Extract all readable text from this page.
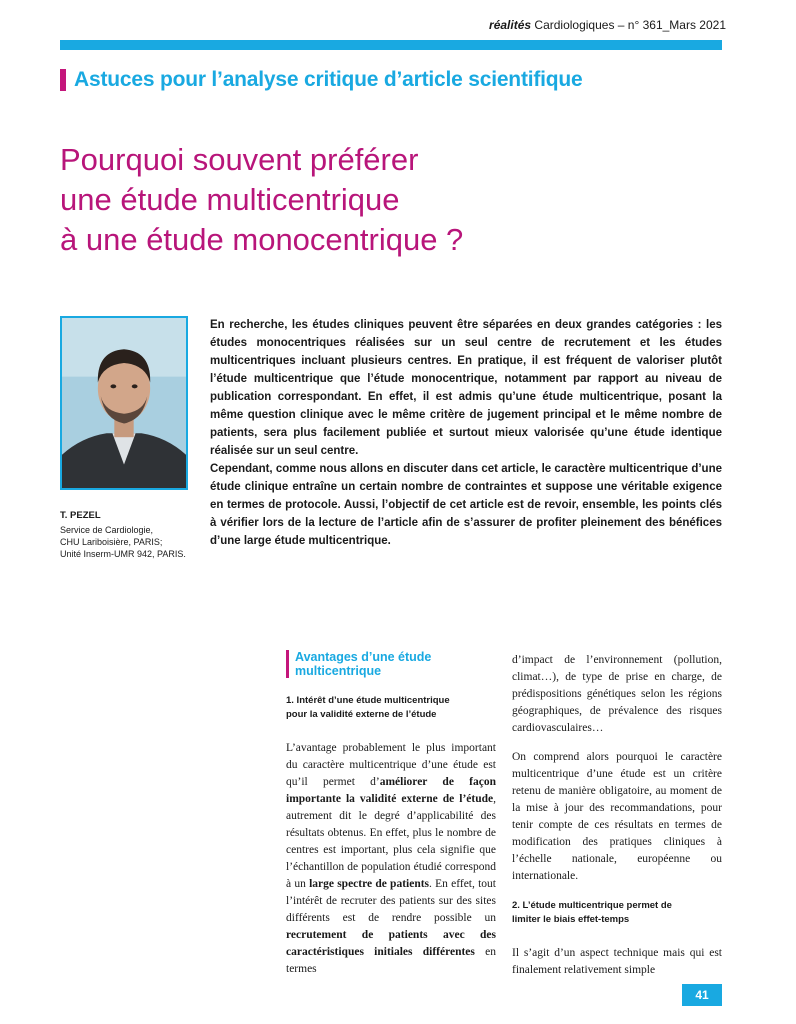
réalités Cardiologiques – n° 361_Mars 2021
Astuces pour l’analyse critique d’article scientifique
Pourquoi souvent préférer
une étude multicentrique
à une étude monocentrique ?
T. PEZEL
Service de Cardiologie,
CHU Lariboisière, PARIS;
Unité Inserm-UMR 942, PARIS.

En recherche, les études cliniques peuvent être séparées en deux grandes catégories : les études monocentriques réalisées sur un seul centre de recrutement et les études multicentriques incluant plusieurs centres. En pratique, il est fréquent de valoriser plutôt l’étude multicentrique que l’étude monocentrique, notamment par rapport au niveau de publication correspondant. En effet, il est admis qu’une étude multicentrique, posant la même question clinique avec le même critère de jugement principal et le même nombre de patients, sera plus facilement publiée et surtout mieux valorisée qu’une étude identique réalisée sur un seul centre.

Cependant, comme nous allons en discuter dans cet article, le caractère multicentrique d’une étude clinique entraîne un certain nombre de contraintes et suppose une véritable exigence en termes de protocole. Aussi, l’objectif de cet article est de revoir, ensemble, les points clés à vérifier lors de la lecture de l’article afin de s’assurer de profiter pleinement des bénéfices d’une large étude multicentrique.

Avantages d’une étude
multicentrique
1. Intérêt d’une étude multicentrique
pour la validité externe de l’étude

L’avantage probablement le plus important du caractère multicentrique d’une étude est qu’il permet d’améliorer de façon importante la validité externe de l’étude, autrement dit le degré d’applicabilité des résultats obtenus. En effet, plus le nombre de centres est important, plus cela signifie que l’échantillon de population étudié correspond à un large spectre de patients. En effet, tout l’intérêt de recruter des patients sur des sites différents est de rendre possible un recrutement de patients avec des caractéristiques initiales différentes en termes

d’impact de l’environnement (pollution, climat…), de type de prise en charge, de prédispositions génétiques selon les régions géographiques, de prévalence des risques cardiovasculaires…

On comprend alors pourquoi le caractère multicentrique d’une étude est un critère retenu de manière obligatoire, au moment de la mise à jour des recommandations, pour tenir compte de ces résultats en termes de modification des pratiques cliniques à l’échelle nationale, européenne ou internationale.

2. L’étude multicentrique permet de
limiter le biais effet-temps

Il s’agit d’un aspect technique mais qui est finalement relativement simple

41
